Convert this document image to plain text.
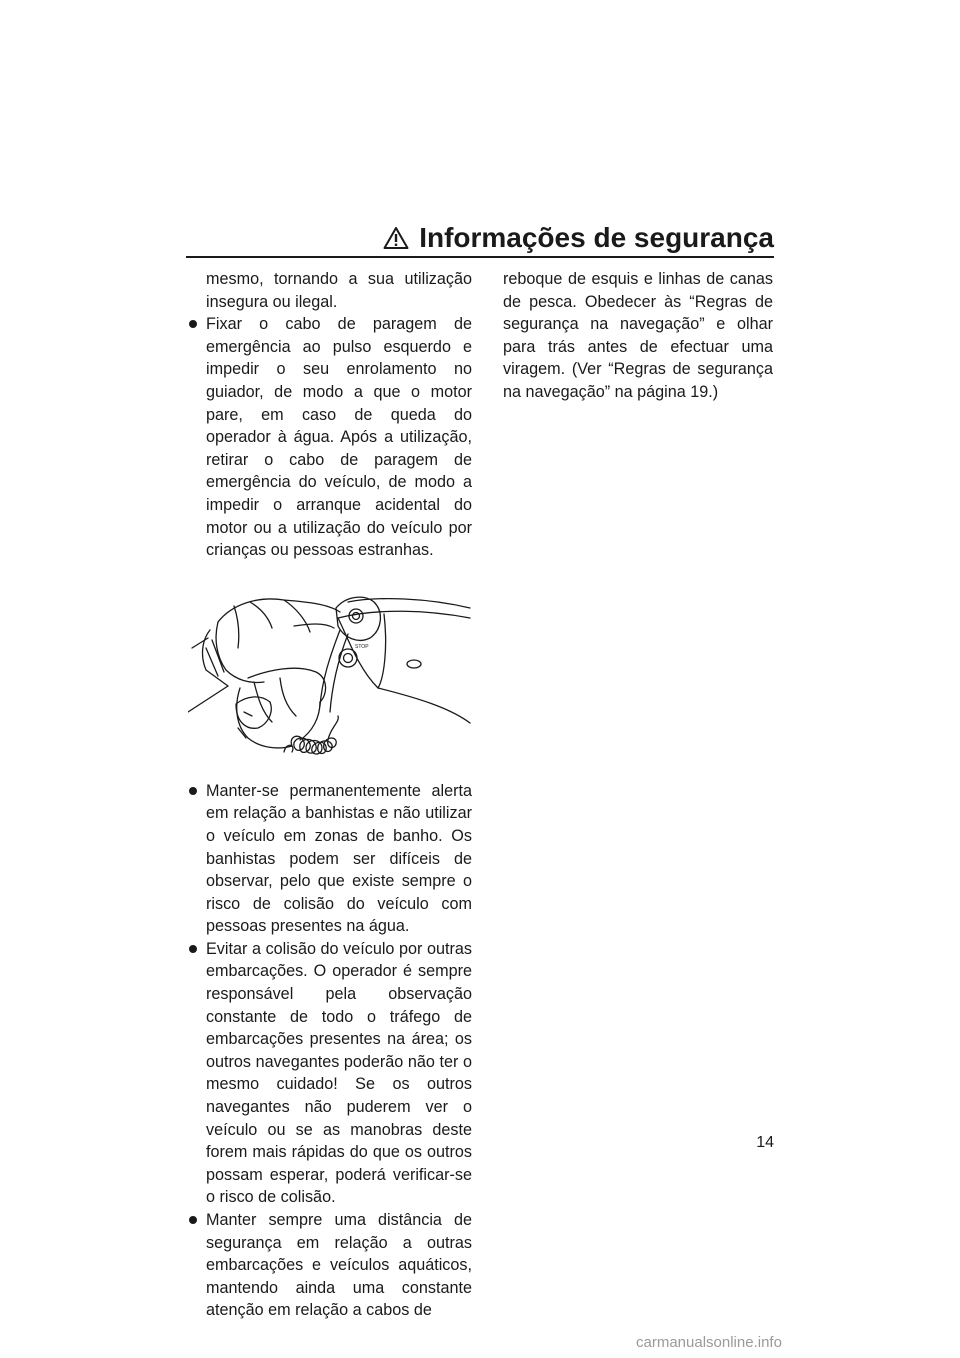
Informações de segurança

mesmo, tornando a sua utilização insegura ou ilegal.

Fixar o cabo de paragem de emergência ao pulso esquerdo e impedir o seu enrolamento no guiador, de modo a que o motor pare, em caso de queda do operador à água. Após a utilização, retirar o cabo de paragem de emergência do veículo, de modo a impedir o arranque acidental do motor ou a utilização do veículo por crianças ou pessoas estranhas.

STOP

Manter-se permanentemente alerta em relação a banhistas e não utilizar o veículo em zonas de banho. Os banhistas podem ser difíceis de observar, pelo que existe sempre o risco de colisão do veículo com pessoas presentes na água.

Evitar a colisão do veículo por outras embarcações. O operador é sempre responsável pela observação constante de todo o tráfego de embarcações presentes na área; os outros navegantes poderão não ter o mesmo cuidado! Se os outros navegantes não puderem ver o veículo ou se as manobras deste forem mais rápidas do que os outros possam esperar, poderá verificar-se o risco de colisão.

Manter sempre uma distância de segurança em relação a outras embarcações e veículos aquáticos, mantendo ainda uma constante atenção em relação a cabos de

reboque de esquis e linhas de canas de pesca. Obedecer às “Regras de segurança na navegação” e olhar para trás antes de efectuar uma viragem. (Ver “Regras de segurança na navegação” na página 19.)

14
carmanualsonline.info
